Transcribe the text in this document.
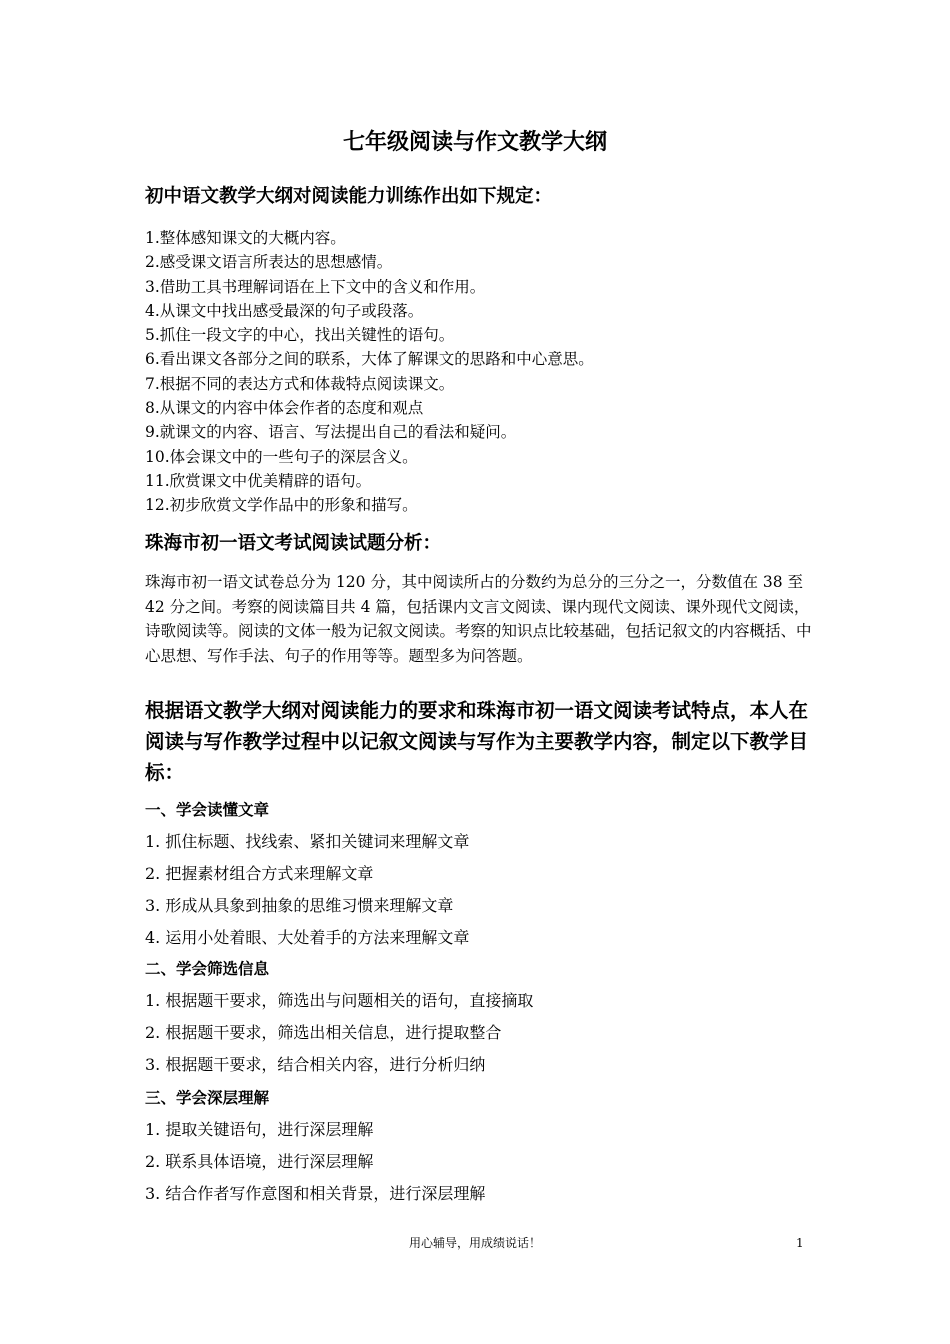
七年级阅读与作文教学大纲
初中语文教学大纲对阅读能力训练作出如下规定：
1.整体感知课文的大概内容。
2.感受课文语言所表达的思想感情。
3.借助工具书理解词语在上下文中的含义和作用。
4.从课文中找出感受最深的句子或段落。
5.抓住一段文字的中心，找出关键性的语句。
6.看出课文各部分之间的联系，大体了解课文的思路和中心意思。
7.根据不同的表达方式和体裁特点阅读课文。
8.从课文的内容中体会作者的态度和观点
9.就课文的内容、语言、写法提出自己的看法和疑问。
10.体会课文中的一些句子的深层含义。
11.欣赏课文中优美精辟的语句。
12.初步欣赏文学作品中的形象和描写。
珠海市初一语文考试阅读试题分析：
珠海市初一语文试卷总分为 120 分，其中阅读所占的分数约为总分的三分之一，分数值在 38 至 42 分之间。考察的阅读篇目共 4 篇，包括课内文言文阅读、课内现代文阅读、课外现代文阅读，诗歌阅读等。阅读的文体一般为记叙文阅读。考察的知识点比较基础，包括记叙文的内容概括、中心思想、写作手法、句子的作用等等。题型多为问答题。
根据语文教学大纲对阅读能力的要求和珠海市初一语文阅读考试特点，本人在阅读与写作教学过程中以记叙文阅读与写作为主要教学内容，制定以下教学目标：
一、学会读懂文章
1. 抓住标题、找线索、紧扣关键词来理解文章
2. 把握素材组合方式来理解文章
3. 形成从具象到抽象的思维习惯来理解文章
4. 运用小处着眼、大处着手的方法来理解文章
二、学会筛选信息
1. 根据题干要求，筛选出与问题相关的语句，直接摘取
2. 根据题干要求，筛选出相关信息，进行提取整合
3. 根据题干要求，结合相关内容，进行分析归纳
三、学会深层理解
1. 提取关键语句，进行深层理解
2. 联系具体语境，进行深层理解
3. 结合作者写作意图和相关背景，进行深层理解
用心辅导，用成绩说话！	1
